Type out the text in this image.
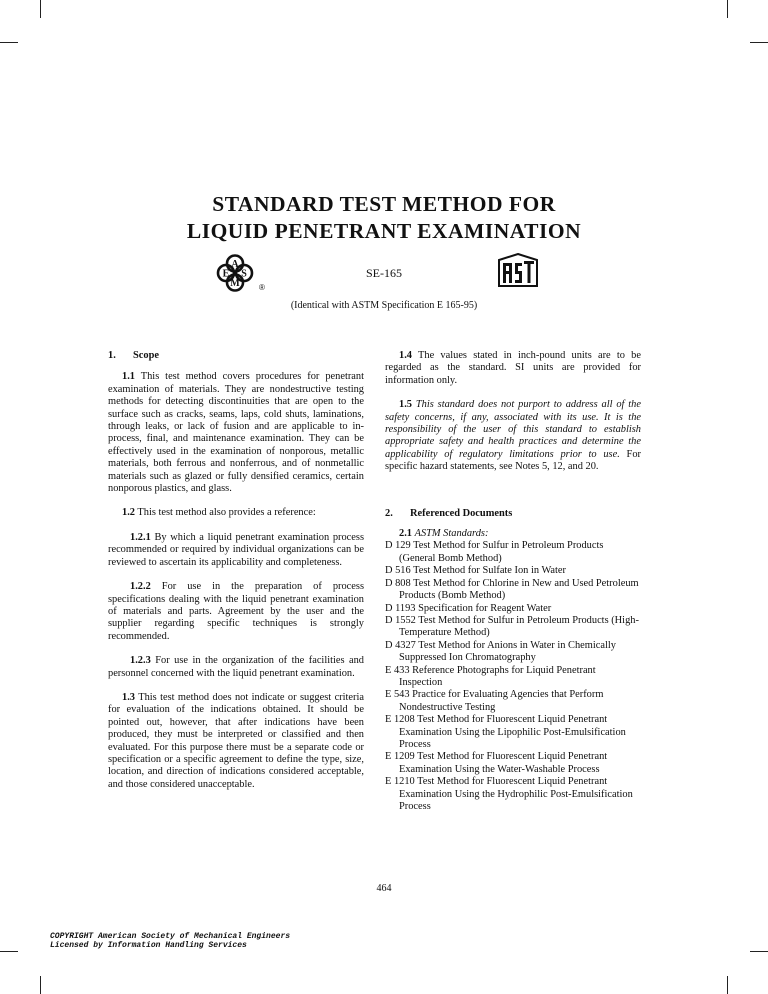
STANDARD TEST METHOD FOR
LIQUID PENETRANT EXAMINATION
A
E S
M ®
SE-165
(Identical with ASTM Specification E 165-95)
1. Scope

1.1 This test method covers procedures for penetrant examination of materials. They are nondestructive testing methods for detecting discontinuities that are open to the surface such as cracks, seams, laps, cold shuts, laminations, through leaks, or lack of fusion and are applicable to in-process, final, and maintenance examination. They can be effectively used in the examination of nonporous, metallic materials, both ferrous and nonferrous, and of nonmetallic materials such as glazed or fully densified ceramics, certain nonporous plastics, and glass.

1.2 This test method also provides a reference:

1.2.1 By which a liquid penetrant examination process recommended or required by individual organizations can be reviewed to ascertain its applicability and completeness.

1.2.2 For use in the preparation of process specifications dealing with the liquid penetrant examination of materials and parts. Agreement by the user and the supplier regarding specific techniques is strongly recommended.

1.2.3 For use in the organization of the facilities and personnel concerned with the liquid penetrant examination.

1.3 This test method does not indicate or suggest criteria for evaluation of the indications obtained. It should be pointed out, however, that after indications have been produced, they must be interpreted or classified and then evaluated. For this purpose there must be a separate code or specification or a specific agreement to define the type, size, location, and direction of indications considered acceptable, and those considered unacceptable.

1.4 The values stated in inch-pound units are to be regarded as the standard. SI units are provided for information only.

1.5 This standard does not purport to address all of the safety concerns, if any, associated with its use. It is the responsibility of the user of this standard to establish appropriate safety and health practices and determine the applicability of regulatory limitations prior to use. For specific hazard statements, see Notes 5, 12, and 20.

2. Referenced Documents

2.1 ASTM Standards:

D 129 Test Method for Sulfur in Petroleum Products (General Bomb Method)

D 516 Test Method for Sulfate Ion in Water

D 808 Test Method for Chlorine in New and Used Petroleum Products (Bomb Method)

D 1193 Specification for Reagent Water

D 1552 Test Method for Sulfur in Petroleum Products (High-Temperature Method)

D 4327 Test Method for Anions in Water in Chemically Suppressed Ion Chromatography

E 433 Reference Photographs for Liquid Penetrant Inspection

E 543 Practice for Evaluating Agencies that Perform Nondestructive Testing

E 1208 Test Method for Fluorescent Liquid Penetrant Examination Using the Lipophilic Post-Emulsification Process

E 1209 Test Method for Fluorescent Liquid Penetrant Examination Using the Water-Washable Process

E 1210 Test Method for Fluorescent Liquid Penetrant Examination Using the Hydrophilic Post-Emulsification Process

464
COPYRIGHT American Society of Mechanical Engineers
Licensed by Information Handling Services
